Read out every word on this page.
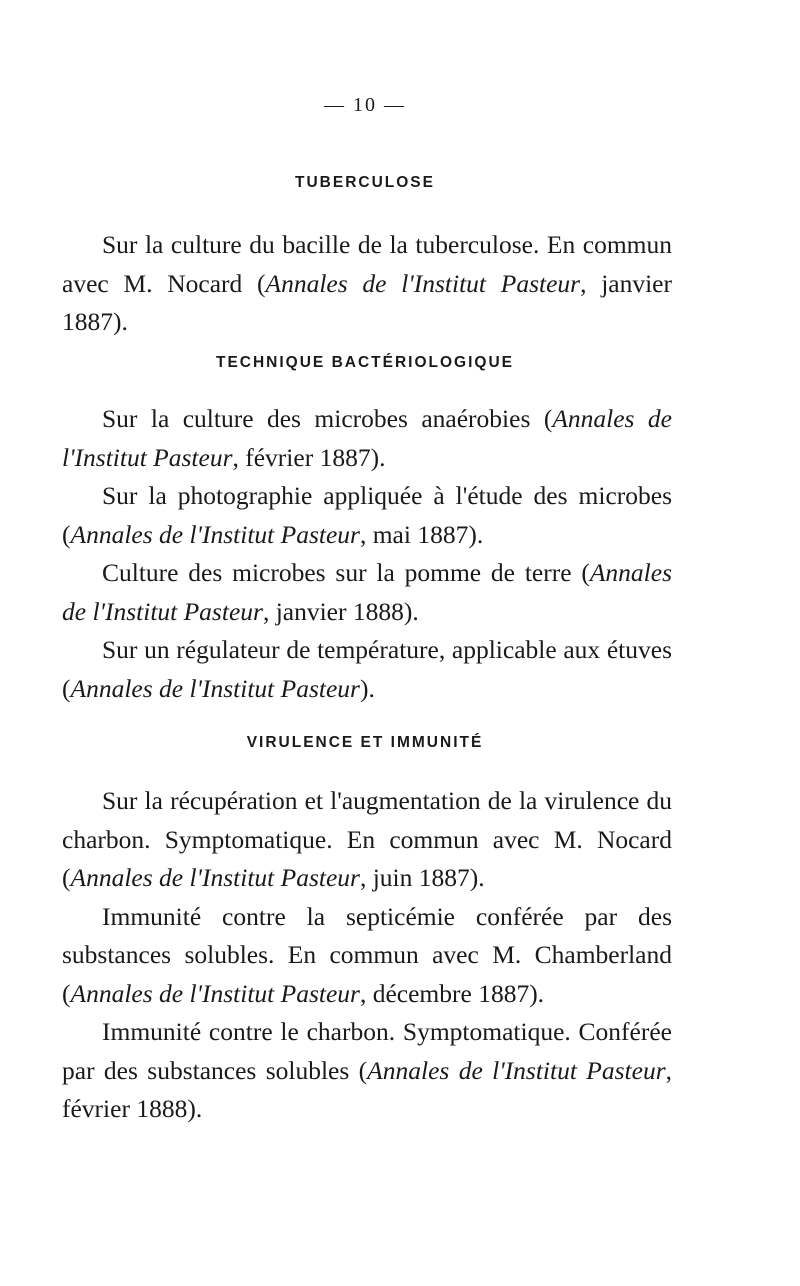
— 10 —
TUBERCULOSE

Sur la culture du bacille de la tuberculose. En commun avec M. Nocard (Annales de l'Institut Pasteur, janvier 1887).

TECHNIQUE BACTÉRIOLOGIQUE

Sur la culture des microbes anaérobies (Annales de l'Institut Pasteur, février 1887).

Sur la photographie appliquée à l'étude des microbes (Annales de l'Institut Pasteur, mai 1887).

Culture des microbes sur la pomme de terre (Annales de l'Institut Pasteur, janvier 1888).

Sur un régulateur de température, applicable aux étuves (Annales de l'Institut Pasteur).

VIRULENCE ET IMMUNITÉ

Sur la récupération et l'augmentation de la virulence du charbon. Symptomatique. En commun avec M. Nocard (Annales de l'Institut Pasteur, juin 1887).

Immunité contre la septicémie conférée par des substances solubles. En commun avec M. Chamberland (Annales de l'Institut Pasteur, décembre 1887).

Immunité contre le charbon. Symptomatique. Conférée par des substances solubles (Annales de l'Institut Pasteur, février 1888).
